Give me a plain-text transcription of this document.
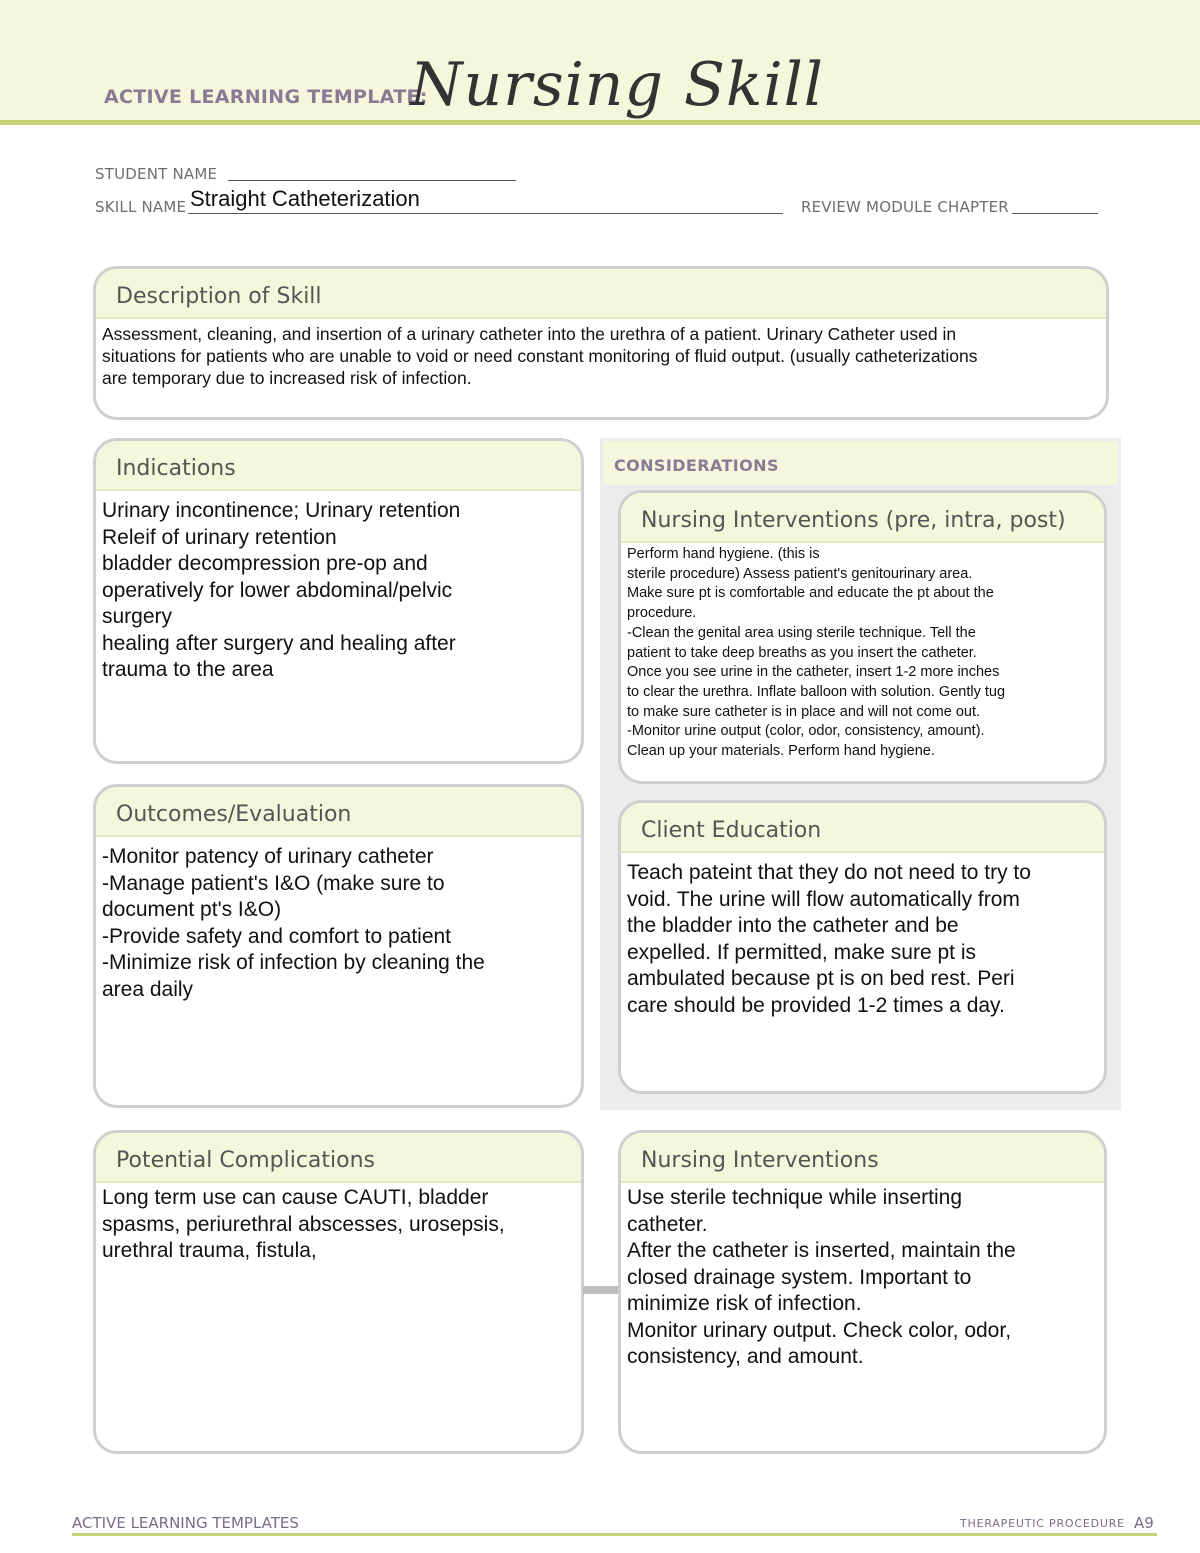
ACTIVE LEARNING TEMPLATE:
Nursing Skill
STUDENT NAME
SKILL NAME Straight Catheterization	REVIEW MODULE CHAPTER
Description of Skill
Assessment, cleaning, and insertion of a urinary catheter into the urethra of a patient. Urinary Catheter used in
situations for patients who are unable to void or need constant monitoring of fluid output. (usually catheterizations
are temporary due to increased risk of infection.
Indications
Urinary incontinence; Urinary retention
Releif of urinary retention
bladder decompression pre-op and
operatively for lower abdominal/pelvic
surgery
healing after surgery and healing after
trauma to the area
Outcomes/Evaluation
-Monitor patency of urinary catheter
-Manage patient's I&O (make sure to
document pt's I&O)
-Provide safety and comfort to patient
-Minimize risk of infection by cleaning the
area daily
CONSIDERATIONS
Nursing Interventions (pre, intra, post)
Perform hand hygiene. (this is
sterile procedure) Assess patient's genitourinary area.
Make sure pt is comfortable and educate the pt about the
procedure.
-Clean the genital area using sterile technique. Tell the
patient to take deep breaths as you insert the catheter.
Once you see urine in the catheter, insert 1-2 more inches
to clear the urethra. Inflate balloon with solution. Gently tug
to make sure catheter is in place and will not come out.
-Monitor urine output (color, odor, consistency, amount).
Clean up your materials. Perform hand hygiene.
Client Education
Teach pateint that they do not need to try to
void. The urine will flow automatically from
the bladder into the catheter and be
expelled. If permitted, make sure pt is
ambulated because pt is on bed rest. Peri
care should be provided 1-2 times a day.
Potential Complications
Long term use can cause CAUTI, bladder
spasms, periurethral abscesses, urosepsis,
urethral trauma, fistula,
Nursing Interventions
Use sterile technique while inserting
catheter.
After the catheter is inserted, maintain the
closed drainage system. Important to
minimize risk of infection.
Monitor urinary output. Check color, odor,
consistency, and amount.
ACTIVE LEARNING TEMPLATES	THERAPEUTIC PROCEDURE A9
